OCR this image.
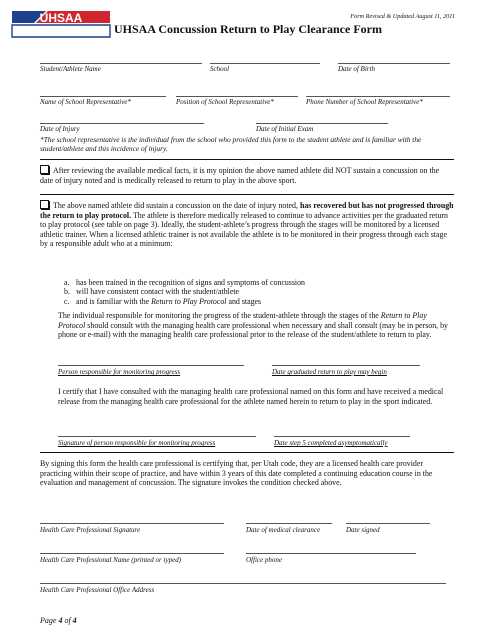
UHSAA	Form Revised & Updated August 11, 2011
UHSAA Concussion Return to Play Clearance Form
Student/Athlete Name	School	Date of Birth
Name of School Representative*	Position of School Representative*	Phone Number of School Representative*
Date of Injury	Date of Initial Exam
*The school representative is the individual from the school who provided this form to the student athlete and is familiar with the student/athlete and this incidence of injury.
After reviewing the available medical facts, it is my opinion the above named athlete did NOT sustain a concussion on the date of injury noted and is medically released to return to play in the above sport.
The above named athlete did sustain a concussion on the date of injury noted, has recovered but has not progressed through the return to play protocol. The athlete is therefore medically released to continue to advance activities per the graduated return to play protocol (see table on page 3). Ideally, the student-athlete’s progress through the stages will be monitored by a licensed athletic trainer. When a licensed athletic trainer is not available the athlete is to be monitored in their progress through each stage by a responsible adult who at a minimum:
a. has been trained in the recognition of signs and symptoms of concussion
b. will have consistent contact with the student/athlete
c. and is familiar with the Return to Play Protocol and stages
The individual responsible for monitoring the progress of the student-athlete through the stages of the Return to Play Protocol should consult with the managing health care professional when necessary and shall consult (may be in person, by phone or e-mail) with the managing health care professional prior to the release of the student/athlete to return to play.
Person responsible for monitoring progress	Date graduated return to play may begin
I certify that I have consulted with the managing health care professional named on this form and have received a medical release from the managing health care professional for the athlete named herein to return to play in the sport indicated.
Signature of person responsible for monitoring progress	Date step 5 completed asymptomatically
By signing this form the health care professional is certifying that, per Utah code, they are a licensed health care provider practicing within their scope of practice, and have within 3 years of this date completed a continuing education course in the evaluation and management of concussion. The signature invokes the condition checked above.
Health Care Professional Signature	Date of medical clearance	Date signed
Health Care Professional Name (printed or typed)	Office phone
Health Care Professional Office Address
Page 4 of 4
